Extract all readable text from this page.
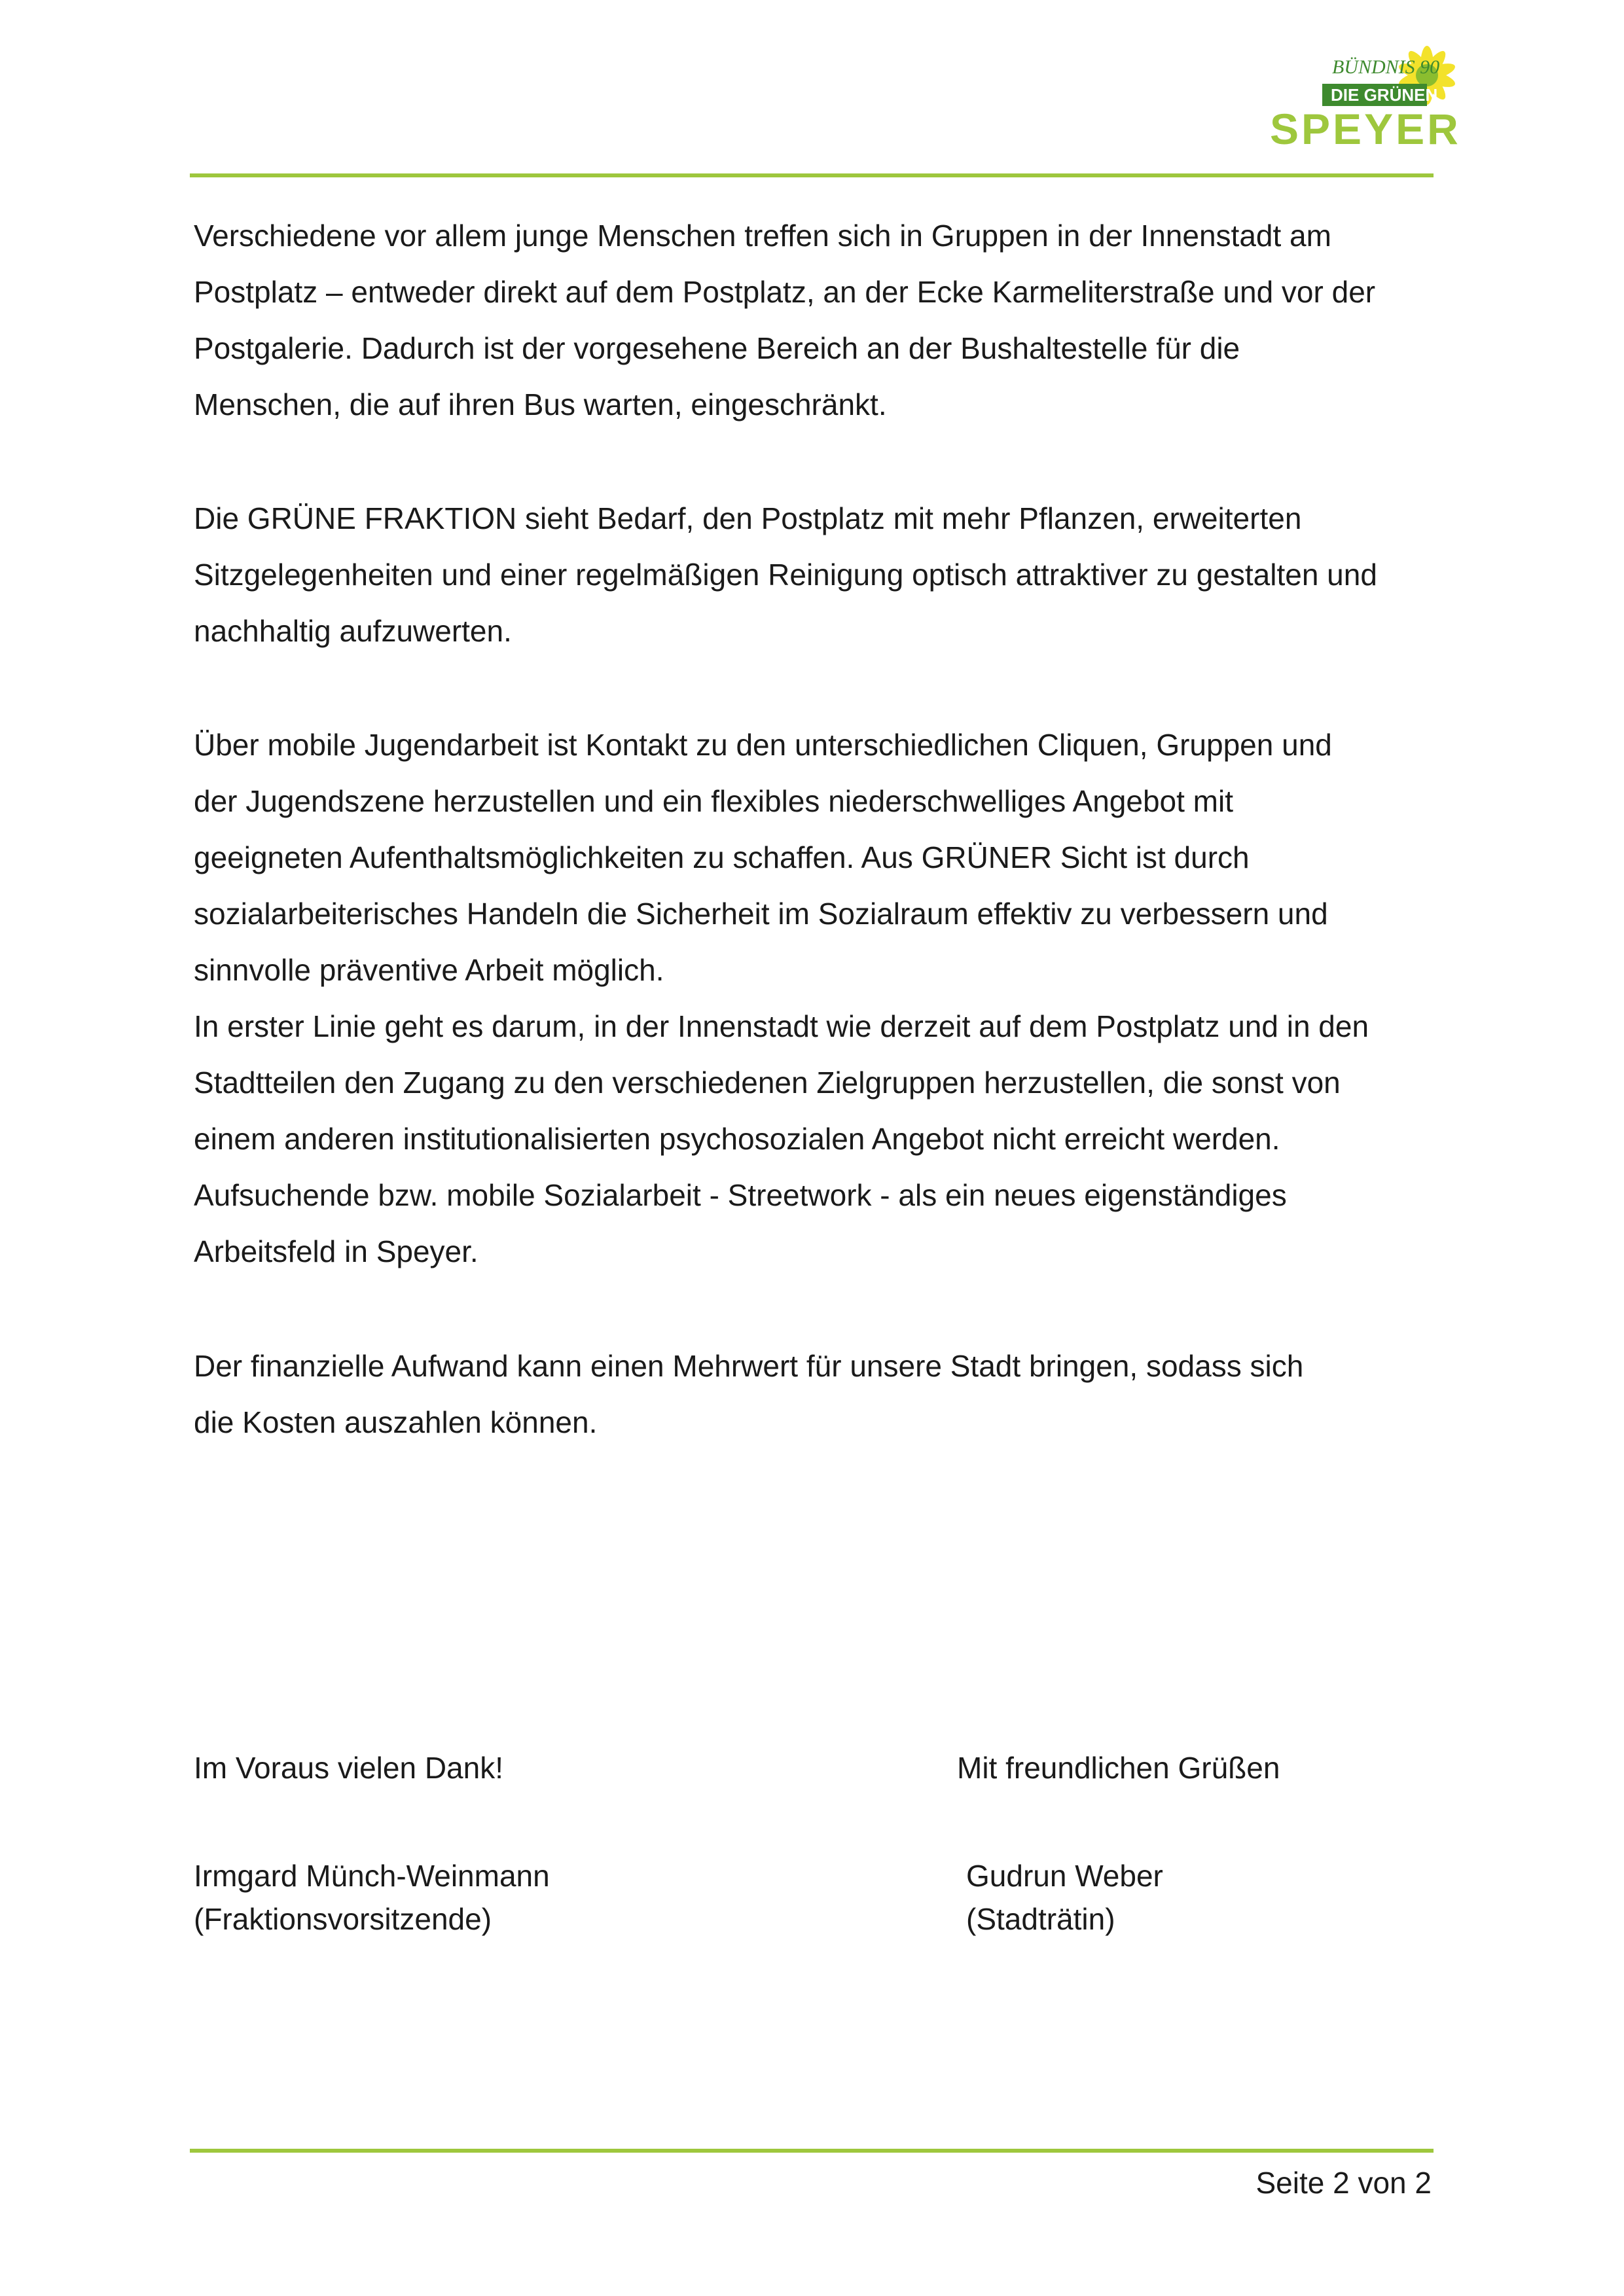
BÜNDNIS 90
DIE GRÜNEN
SPEYER

Verschiedene vor allem junge Menschen treffen sich in Gruppen in der Innenstadt am
Postplatz – entweder direkt auf dem Postplatz, an der Ecke Karmeliterstraße und vor der
Postgalerie. Dadurch ist der vorgesehene Bereich an der Bushaltestelle für die
Menschen, die auf ihren Bus warten, eingeschränkt.

Die GRÜNE FRAKTION sieht Bedarf, den Postplatz mit mehr Pflanzen, erweiterten
Sitzgelegenheiten und einer regelmäßigen Reinigung optisch attraktiver zu gestalten und
nachhaltig aufzuwerten.

Über mobile Jugendarbeit ist Kontakt zu den unterschiedlichen Cliquen, Gruppen und
der Jugendszene herzustellen und ein flexibles niederschwelliges Angebot mit
geeigneten Aufenthaltsmöglichkeiten zu schaffen. Aus GRÜNER Sicht ist durch
sozialarbeiterisches Handeln die Sicherheit im Sozialraum effektiv zu verbessern und
sinnvolle präventive Arbeit möglich.
In erster Linie geht es darum, in der Innenstadt wie derzeit auf dem Postplatz und in den
Stadtteilen den Zugang zu den verschiedenen Zielgruppen herzustellen, die sonst von
einem anderen institutionalisierten psychosozialen Angebot nicht erreicht werden.
Aufsuchende bzw. mobile Sozialarbeit - Streetwork - als ein neues eigenständiges
Arbeitsfeld in Speyer.

Der finanzielle Aufwand kann einen Mehrwert für unsere Stadt bringen, sodass sich
die Kosten auszahlen können.

Im Voraus vielen Dank!	Mit freundlichen Grüßen

Irmgard Münch-Weinmann

(Fraktionsvorsitzende)

Gudrun Weber

(Stadträtin)

Seite 2 von 2
